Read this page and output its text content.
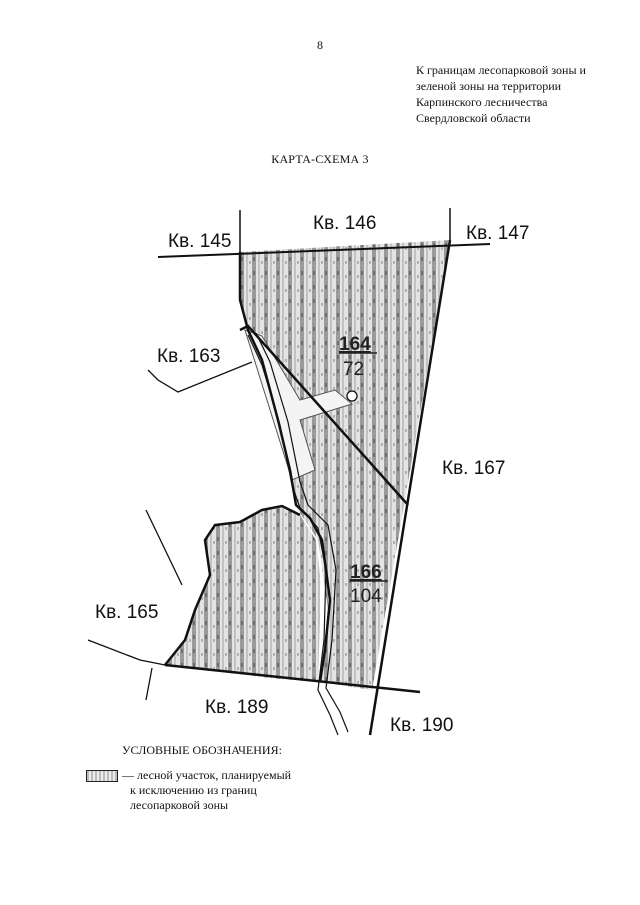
8
К границам лесопарковой зоны и
зеленой зоны на территории
Карпинского лесничества
Свердловской области
КАРТА-СХЕМА 3
Кв. 145
Кв. 146	Кв. 147
Кв. 163
Кв. 165
Кв. 167
Кв. 189
Кв. 190
164
72
166
104
УСЛОВНЫЕ ОБОЗНАЧЕНИЯ:
— лесной участок, планируемый
к исключению из границ
лесопарковой зоны
